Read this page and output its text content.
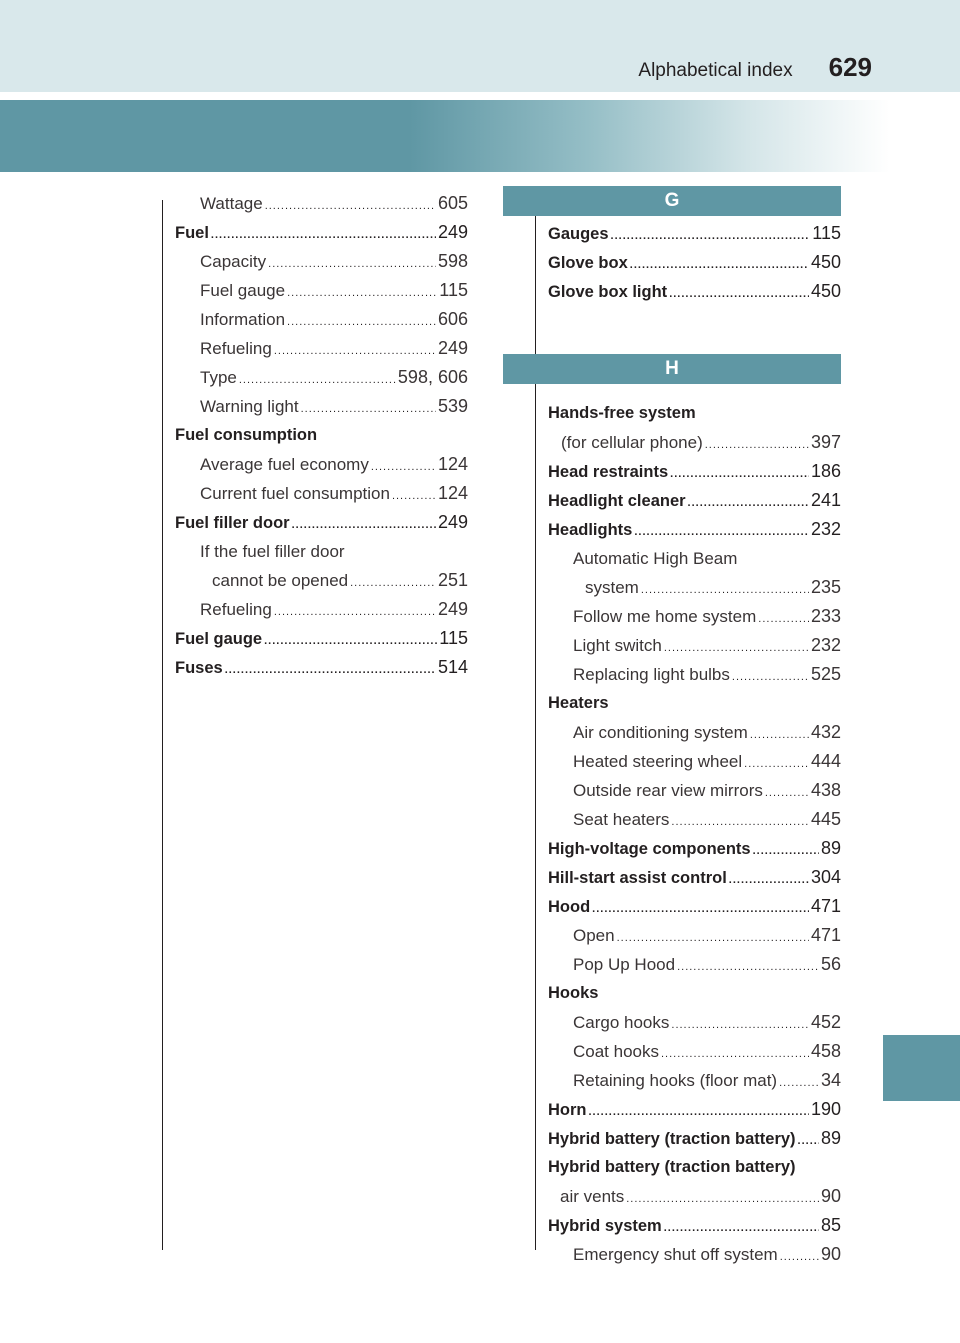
Alphabetical index 629
Wattage .....	605
Fuel .....	249
Capacity .....	598
Fuel gauge .....	115
Information .....	606
Refueling .....	249
Type .....	598, 606
Warning light .....	539
Fuel consumption
Average fuel economy .....	124
Current fuel consumption .....	124
Fuel filler door .....	249
If the fuel filler door
cannot be opened .....	251
Refueling .....	249
Fuel gauge .....	115
Fuses .....	514
G
Gauges .....	115
Glove box .....	450
Glove box light .....	450
H
Hands-free system
(for cellular phone) .....	397
Head restraints .....	186
Headlight cleaner .....	241
Headlights .....	232
Automatic High Beam
system .....	235
Follow me home system .....	233
Light switch .....	232
Replacing light bulbs .....	525
Heaters
Air conditioning system .....	432
Heated steering wheel .....	444
Outside rear view mirrors .....	438
Seat heaters .....	445
High-voltage components .....	89
Hill-start assist control .....	304
Hood .....	471
Open .....	471
Pop Up Hood .....	56
Hooks
Cargo hooks .....	452
Coat hooks .....	458
Retaining hooks (floor mat) ..... 34
Horn .....	190
Hybrid battery (traction battery) ..... 89
Hybrid battery (traction battery)
air vents .....	90
Hybrid system .....	85
Emergency shut off system ..... 90
